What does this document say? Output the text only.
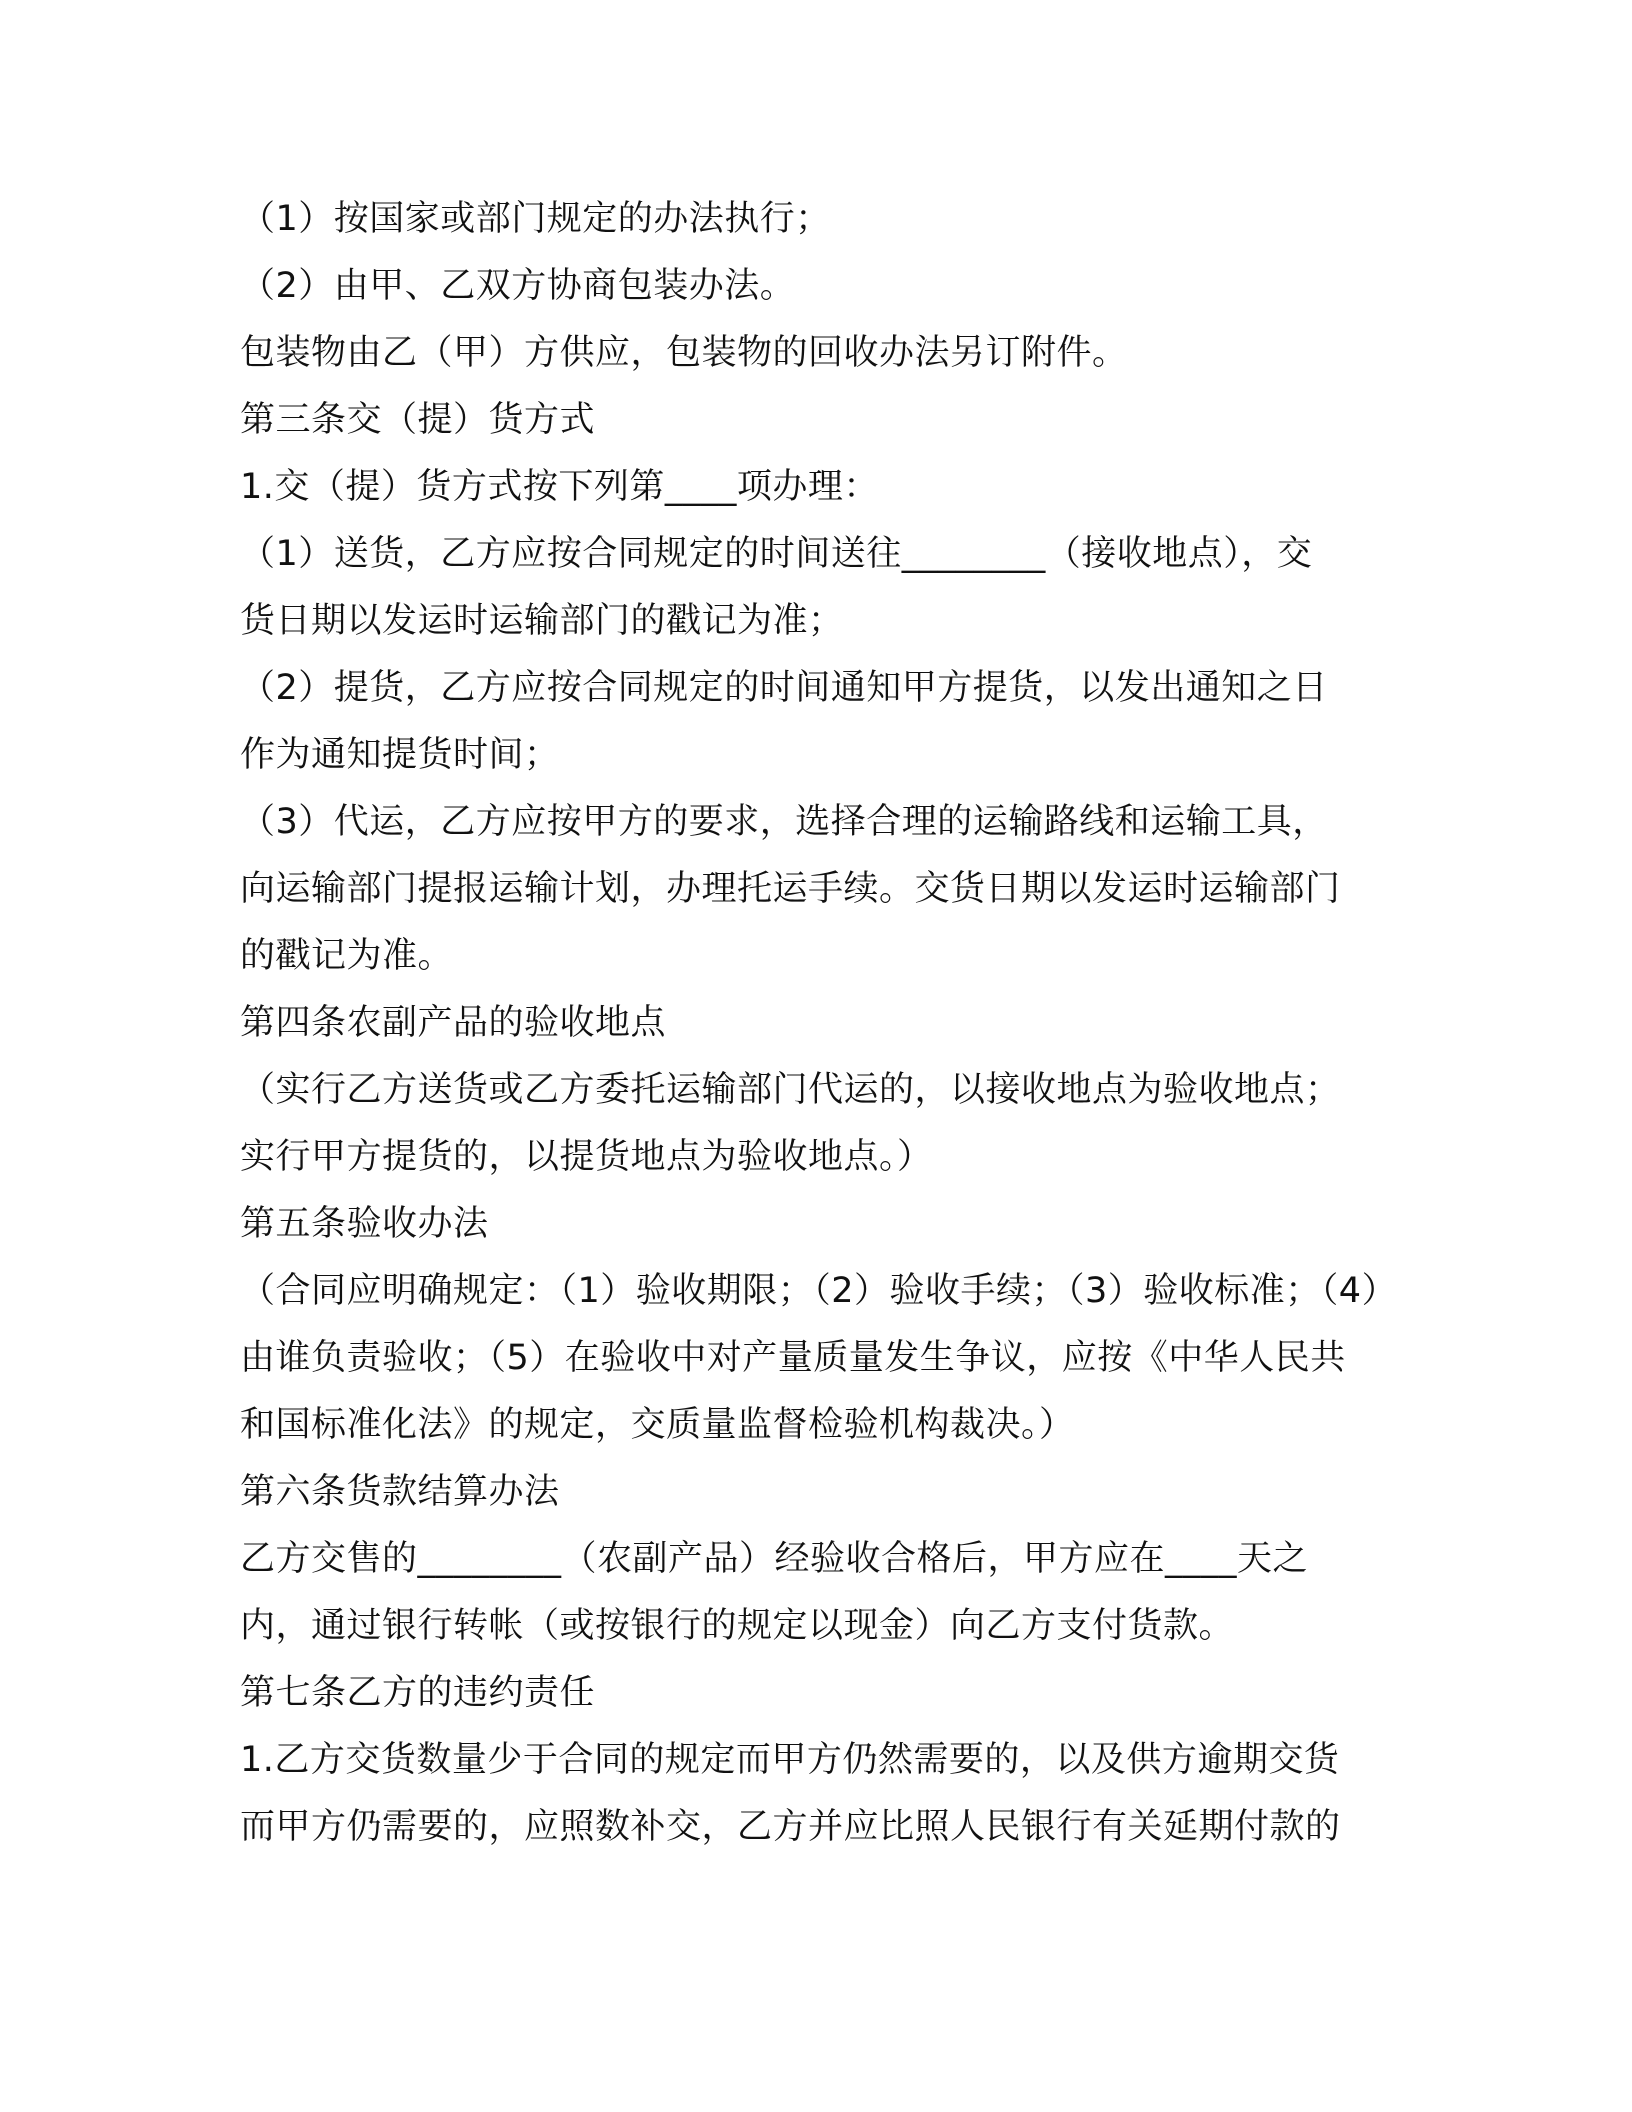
（1）按国家或部门规定的办法执行；
（2）由甲、乙双方协商包装办法。
包装物由乙（甲）方供应，包装物的回收办法另订附件。
第三条交（提）货方式
1.交（提）货方式按下列第____项办理：
（1）送货，乙方应按合同规定的时间送往________（接收地点），交
货日期以发运时运输部门的戳记为准；
（2）提货，乙方应按合同规定的时间通知甲方提货，以发出通知之日
作为通知提货时间；
（3）代运，乙方应按甲方的要求，选择合理的运输路线和运输工具，
向运输部门提报运输计划，办理托运手续。交货日期以发运时运输部门
的戳记为准。
第四条农副产品的验收地点
（实行乙方送货或乙方委托运输部门代运的，以接收地点为验收地点；
实行甲方提货的，以提货地点为验收地点。）
第五条验收办法
（合同应明确规定：（1）验收期限；（2）验收手续；（3）验收标准；（4）
由谁负责验收；（5）在验收中对产量质量发生争议，应按《中华人民共
和国标准化法》的规定，交质量监督检验机构裁决。）
第六条货款结算办法
乙方交售的________（农副产品）经验收合格后，甲方应在____天之
内，通过银行转帐（或按银行的规定以现金）向乙方支付货款。
第七条乙方的违约责任
1.乙方交货数量少于合同的规定而甲方仍然需要的，以及供方逾期交货
而甲方仍需要的，应照数补交，乙方并应比照人民银行有关延期付款的
